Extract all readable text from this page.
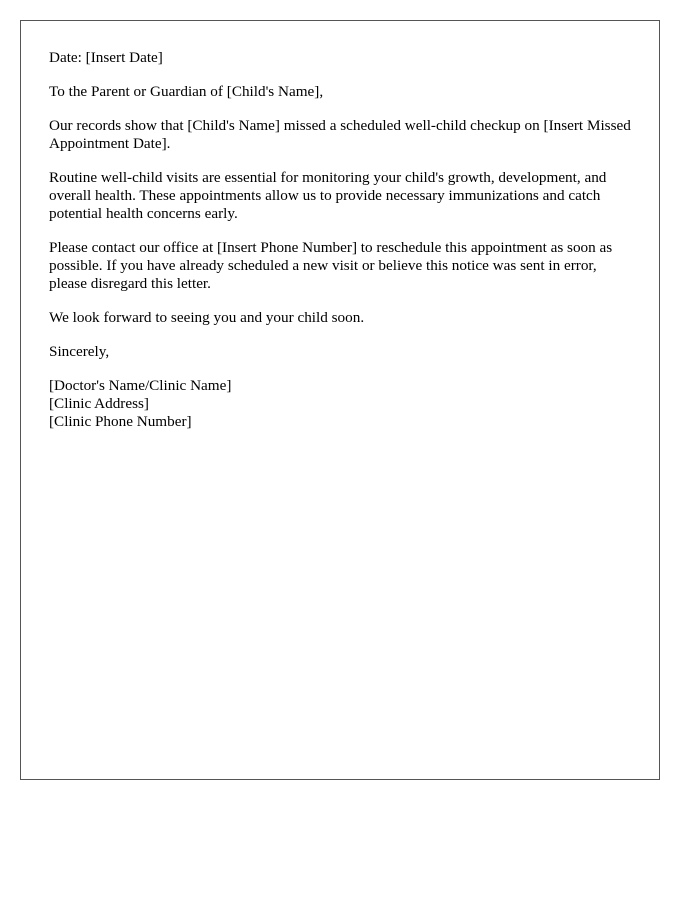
Date: [Insert Date]

To the Parent or Guardian of [Child's Name],

Our records show that [Child's Name] missed a scheduled well-child checkup on [Insert Missed Appointment Date].

Routine well-child visits are essential for monitoring your child's growth, development, and overall health. These appointments allow us to provide necessary immunizations and catch potential health concerns early.

Please contact our office at [Insert Phone Number] to reschedule this appointment as soon as possible. If you have already scheduled a new visit or believe this notice was sent in error, please disregard this letter.

We look forward to seeing you and your child soon.

Sincerely,

[Doctor's Name/Clinic Name]
[Clinic Address]
[Clinic Phone Number]
